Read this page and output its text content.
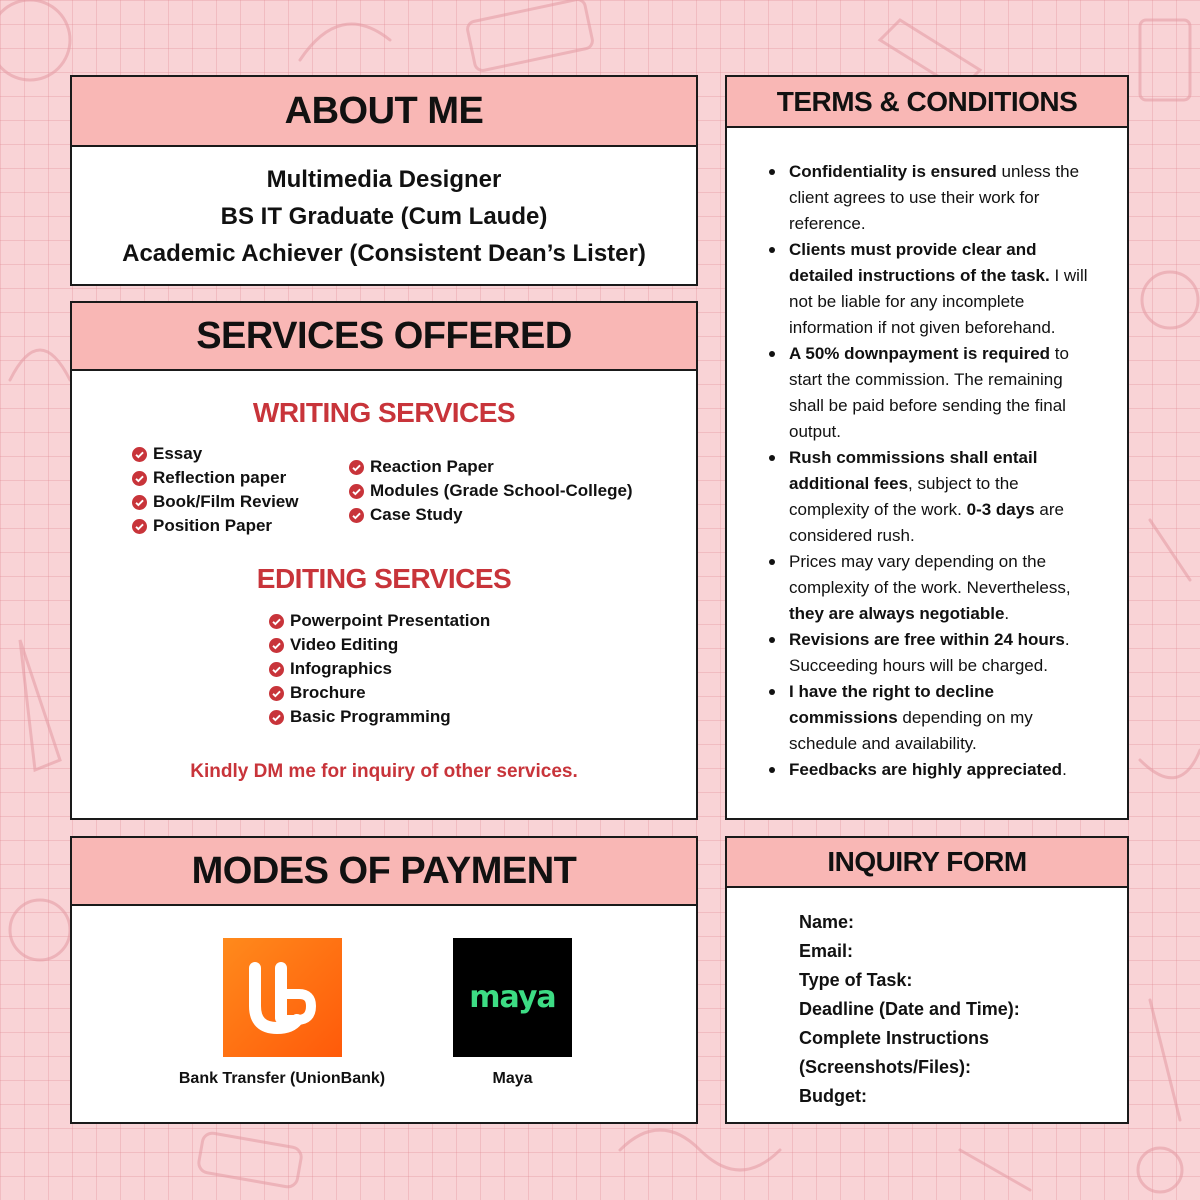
ABOUT ME
Multimedia Designer
BS IT Graduate (Cum Laude)
Academic Achiever (Consistent Dean’s Lister)
SERVICES OFFERED
WRITING SERVICES
Essay
Reflection paper
Book/Film Review
Position Paper
Reaction Paper
Modules (Grade School-College)
Case Study
EDITING SERVICES
Powerpoint Presentation
Video Editing
Infographics
Brochure
Basic Programming
Kindly DM me for inquiry of other services.
MODES OF PAYMENT
Bank Transfer (UnionBank)
maya
Maya
TERMS & CONDITIONS
Confidentiality is ensured unless the client agrees to use their work for reference.
Clients must provide clear and detailed instructions of the task. I will not be liable for any incomplete information if not given beforehand.
A 50% downpayment is required to start the commission. The remaining shall be paid before sending the final output.
Rush commissions shall entail additional fees, subject to the complexity of the work. 0-3 days are considered rush.
Prices may vary depending on the complexity of the work. Nevertheless, they are always negotiable.
Revisions are free within 24 hours. Succeeding hours will be charged.
I have the right to decline commissions depending on my schedule and availability.
Feedbacks are highly appreciated.
INQUIRY FORM
Name:
Email:
Type of Task:
Deadline (Date and Time):
Complete Instructions
(Screenshots/Files):
Budget:
